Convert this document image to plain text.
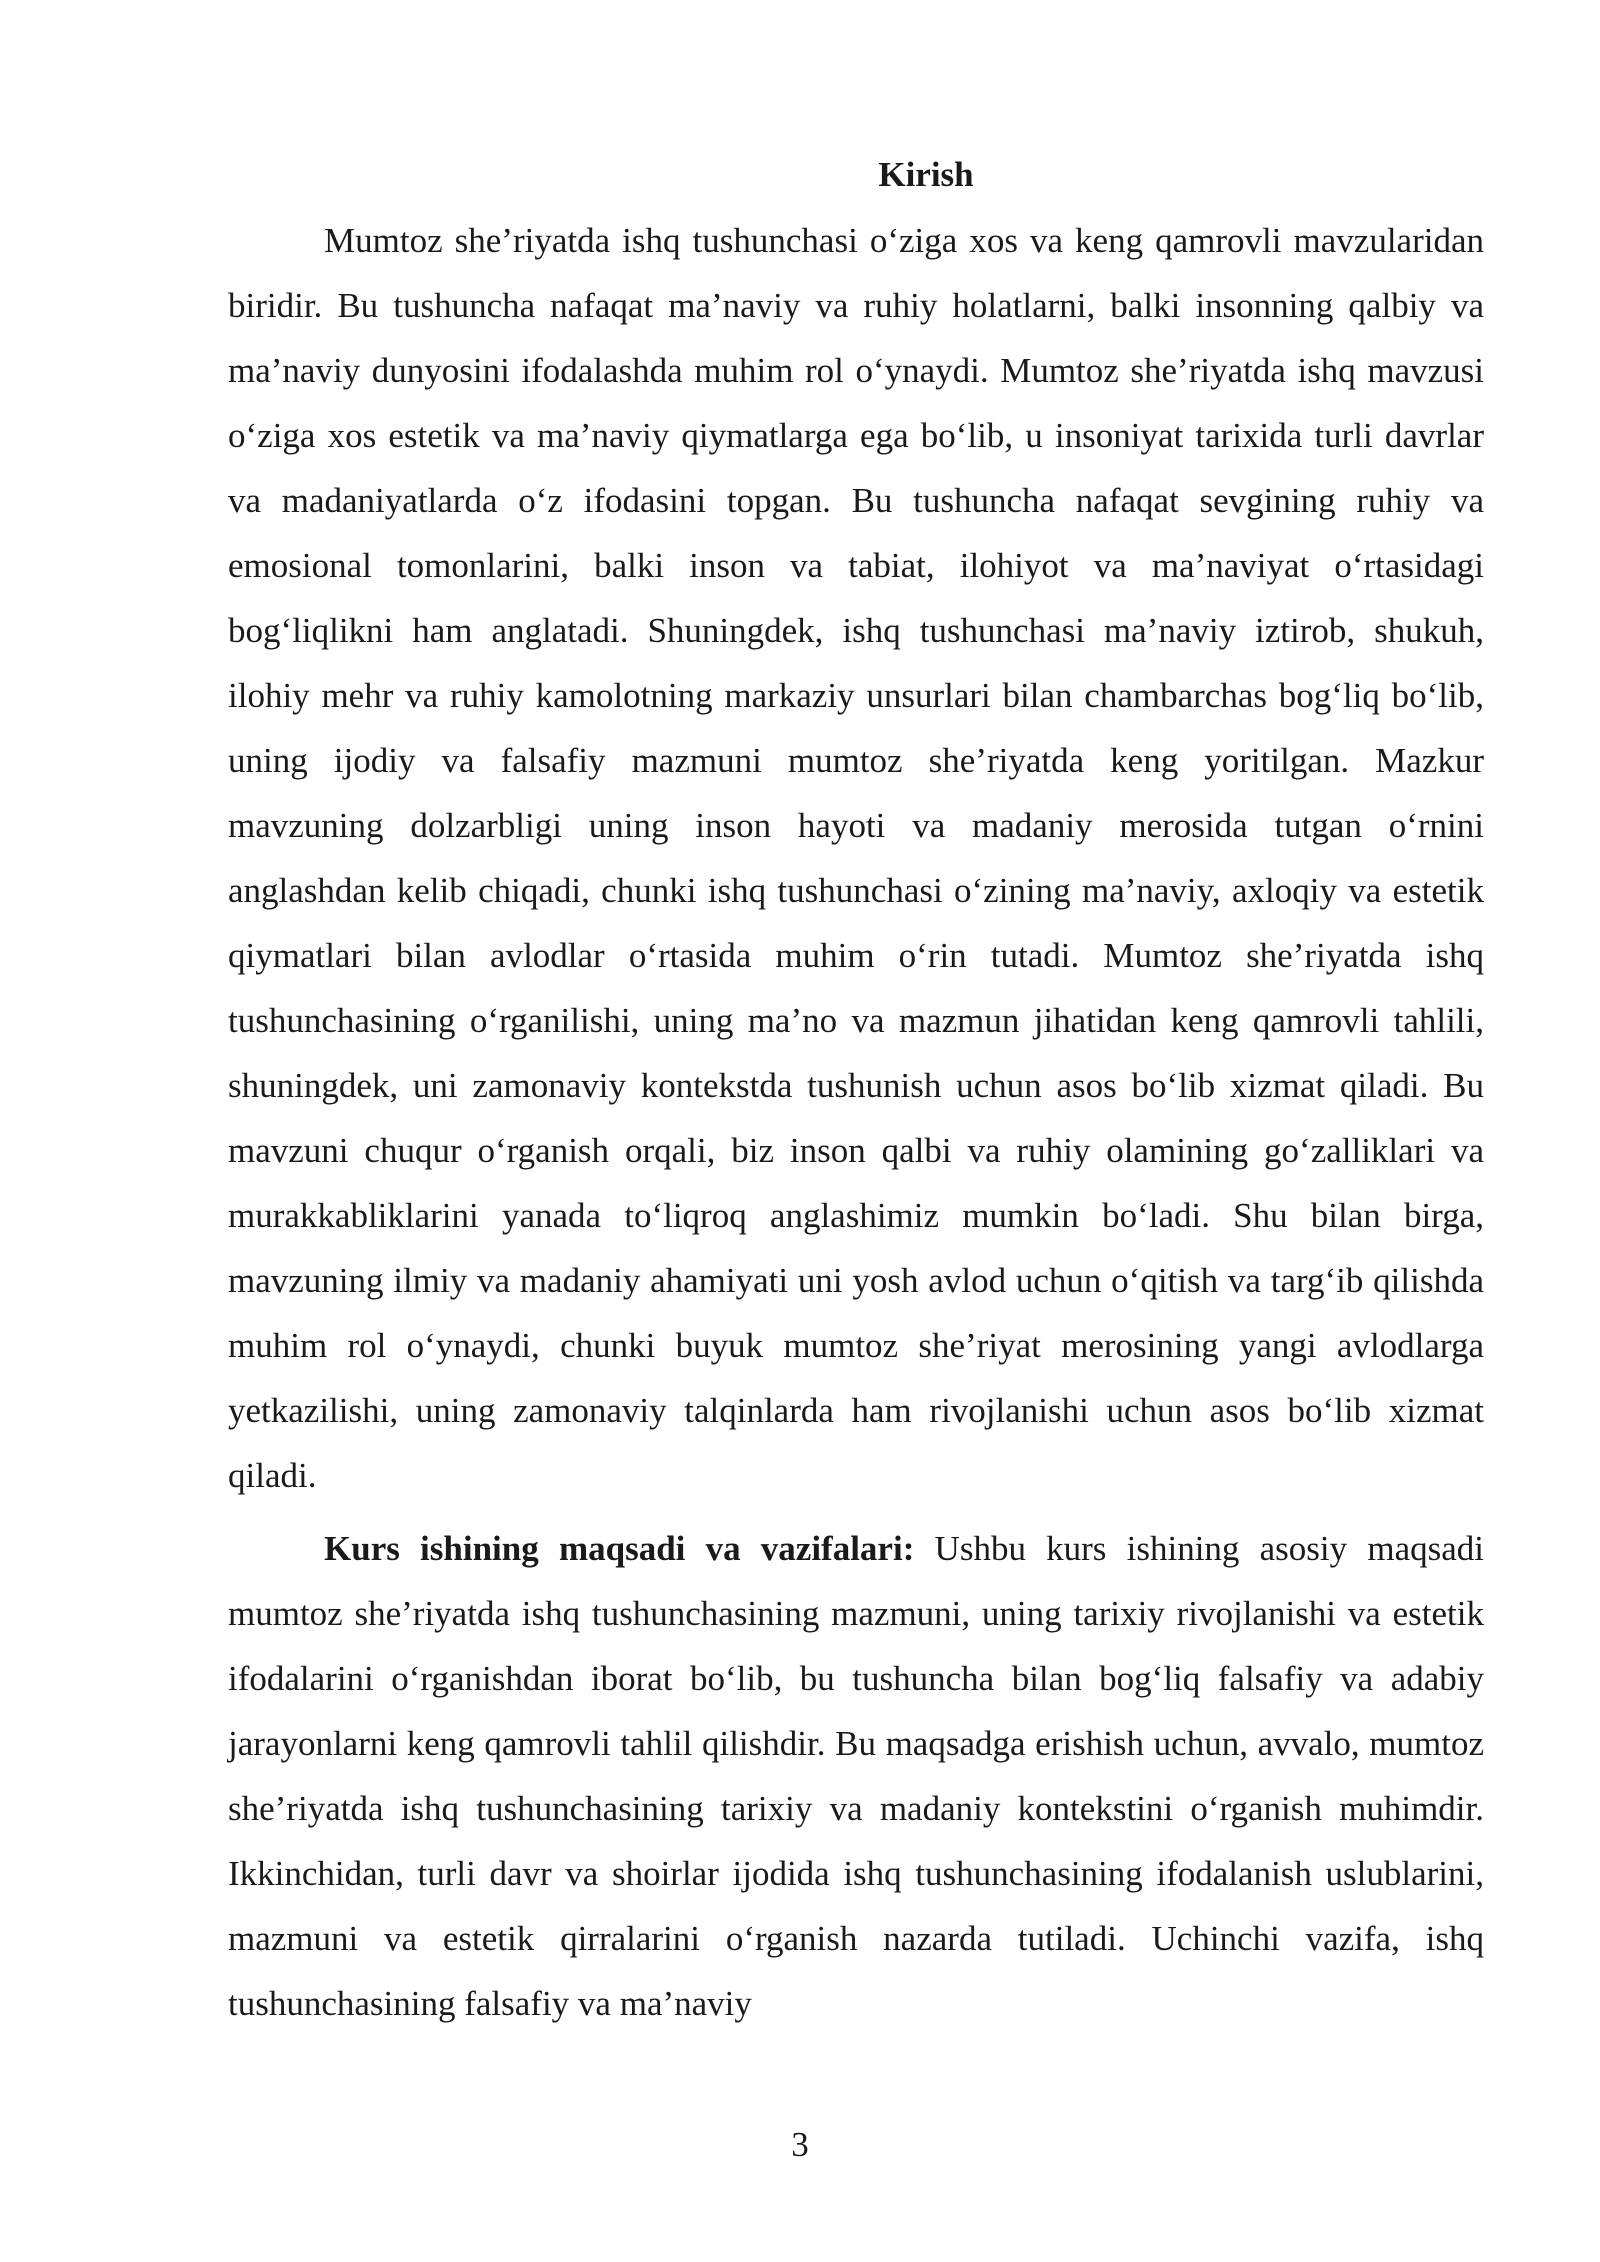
Kirish

Mumtoz she’riyatda ishq tushunchasi o‘ziga xos va keng qamrovli mavzularidan biridir. Bu tushuncha nafaqat ma’naviy va ruhiy holatlarni, balki insonning qalbiy va ma’naviy dunyosini ifodalashda muhim rol o‘ynaydi. Mumtoz she’riyatda ishq mavzusi o‘ziga xos estetik va ma’naviy qiymatlarga ega bo‘lib, u insoniyat tarixida turli davrlar va madaniyatlarda o‘z ifodasini topgan. Bu tushuncha nafaqat sevgining ruhiy va emosional tomonlarini, balki inson va tabiat, ilohiyot va ma’naviyat o‘rtasidagi bog‘liqlikni ham anglatadi. Shuningdek, ishq tushunchasi ma’naviy iztirob, shukuh, ilohiy mehr va ruhiy kamolotning markaziy unsurlari bilan chambarchas bog‘liq bo‘lib, uning ijodiy va falsafiy mazmuni mumtoz she’riyatda keng yoritilgan. Mazkur mavzuning dolzarbligi uning inson hayoti va madaniy merosida tutgan o‘rnini anglashdan kelib chiqadi, chunki ishq tushunchasi o‘zining ma’naviy, axloqiy va estetik qiymatlari bilan avlodlar o‘rtasida muhim o‘rin tutadi. Mumtoz she’riyatda ishq tushunchasining o‘rganilishi, uning ma’no va mazmun jihatidan keng qamrovli tahlili, shuningdek, uni zamonaviy kontekstda tushunish uchun asos bo‘lib xizmat qiladi. Bu mavzuni chuqur o‘rganish orqali, biz inson qalbi va ruhiy olamining go‘zalliklari va murakkabliklarini yanada to‘liqroq anglashimiz mumkin bo‘ladi. Shu bilan birga, mavzuning ilmiy va madaniy ahamiyati uni yosh avlod uchun o‘qitish va targ‘ib qilishda muhim rol o‘ynaydi, chunki buyuk mumtoz she’riyat merosining yangi avlodlarga yetkazilishi, uning zamonaviy talqinlarda ham rivojlanishi uchun asos bo‘lib xizmat qiladi.

Kurs ishining maqsadi va vazifalari: Ushbu kurs ishining asosiy maqsadi mumtoz she’riyatda ishq tushunchasining mazmuni, uning tarixiy rivojlanishi va estetik ifodalarini o‘rganishdan iborat bo‘lib, bu tushuncha bilan bog‘liq falsafiy va adabiy jarayonlarni keng qamrovli tahlil qilishdir. Bu maqsadga erishish uchun, avvalo, mumtoz she’riyatda ishq tushunchasining tarixiy va madaniy kontekstini o‘rganish muhimdir. Ikkinchidan, turli davr va shoirlar ijodida ishq tushunchasining ifodalanish uslublarini, mazmuni va estetik qirralarini o‘rganish nazarda tutiladi. Uchinchi vazifa, ishq tushunchasining falsafiy va ma’naviy

3
